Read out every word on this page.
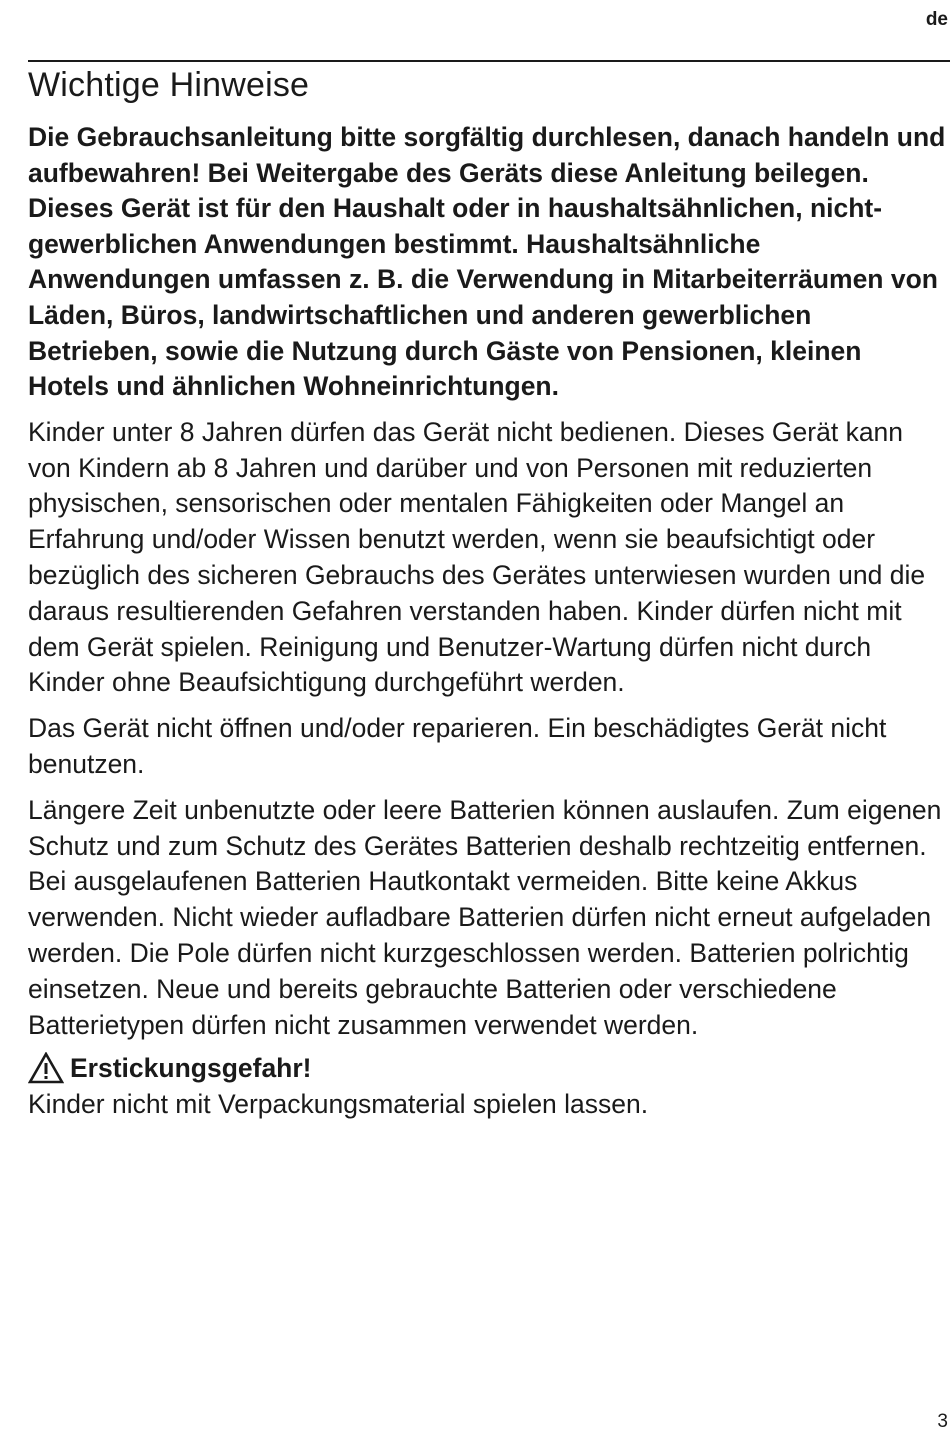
de
Wichtige Hinweise

Die Gebrauchsanleitung bitte sorgfältig durchlesen, danach handeln und aufbewahren! Bei Weitergabe des Geräts diese Anleitung beilegen. Dieses Gerät ist für den Haushalt oder in haushaltsähnlichen, nicht-gewerblichen Anwendungen bestimmt. Haushaltsähnliche Anwendungen umfassen z. B. die Verwendung in Mitarbeiterräumen von Läden, Büros, landwirtschaftlichen und anderen gewerblichen Betrieben, sowie die Nutzung durch Gäste von Pensionen, kleinen Hotels und ähnlichen Wohneinrichtungen.

Kinder unter 8 Jahren dürfen das Gerät nicht bedienen. Dieses Gerät kann von Kindern ab 8 Jahren und darüber und von Personen mit reduzierten physischen, sensorischen oder mentalen Fähigkeiten oder Mangel an Erfahrung und/oder Wissen benutzt werden, wenn sie beaufsichtigt oder bezüglich des sicheren Gebrauchs des Gerätes unterwiesen wurden und die daraus resultierenden Gefahren verstanden haben. Kinder dürfen nicht mit dem Gerät spielen. Reinigung und Benutzer-Wartung dürfen nicht durch Kinder ohne Beaufsichtigung durchgeführt werden.

Das Gerät nicht öffnen und/oder reparieren. Ein beschädigtes Gerät nicht benutzen.

Längere Zeit unbenutzte oder leere Batterien können auslaufen. Zum eigenen Schutz und zum Schutz des Gerätes Batterien deshalb rechtzeitig entfernen. Bei ausgelaufenen Batterien Hautkontakt vermeiden. Bitte keine Akkus verwenden. Nicht wieder aufladbare Batterien dürfen nicht erneut aufgeladen werden. Die Pole dürfen nicht kurzgeschlossen werden. Batterien polrichtig einsetzen. Neue und bereits gebrauchte Batterien oder verschiedene Batterietypen dürfen nicht zusammen verwendet werden.

Erstickungsgefahr!

Kinder nicht mit Verpackungsmaterial spielen lassen.

3
